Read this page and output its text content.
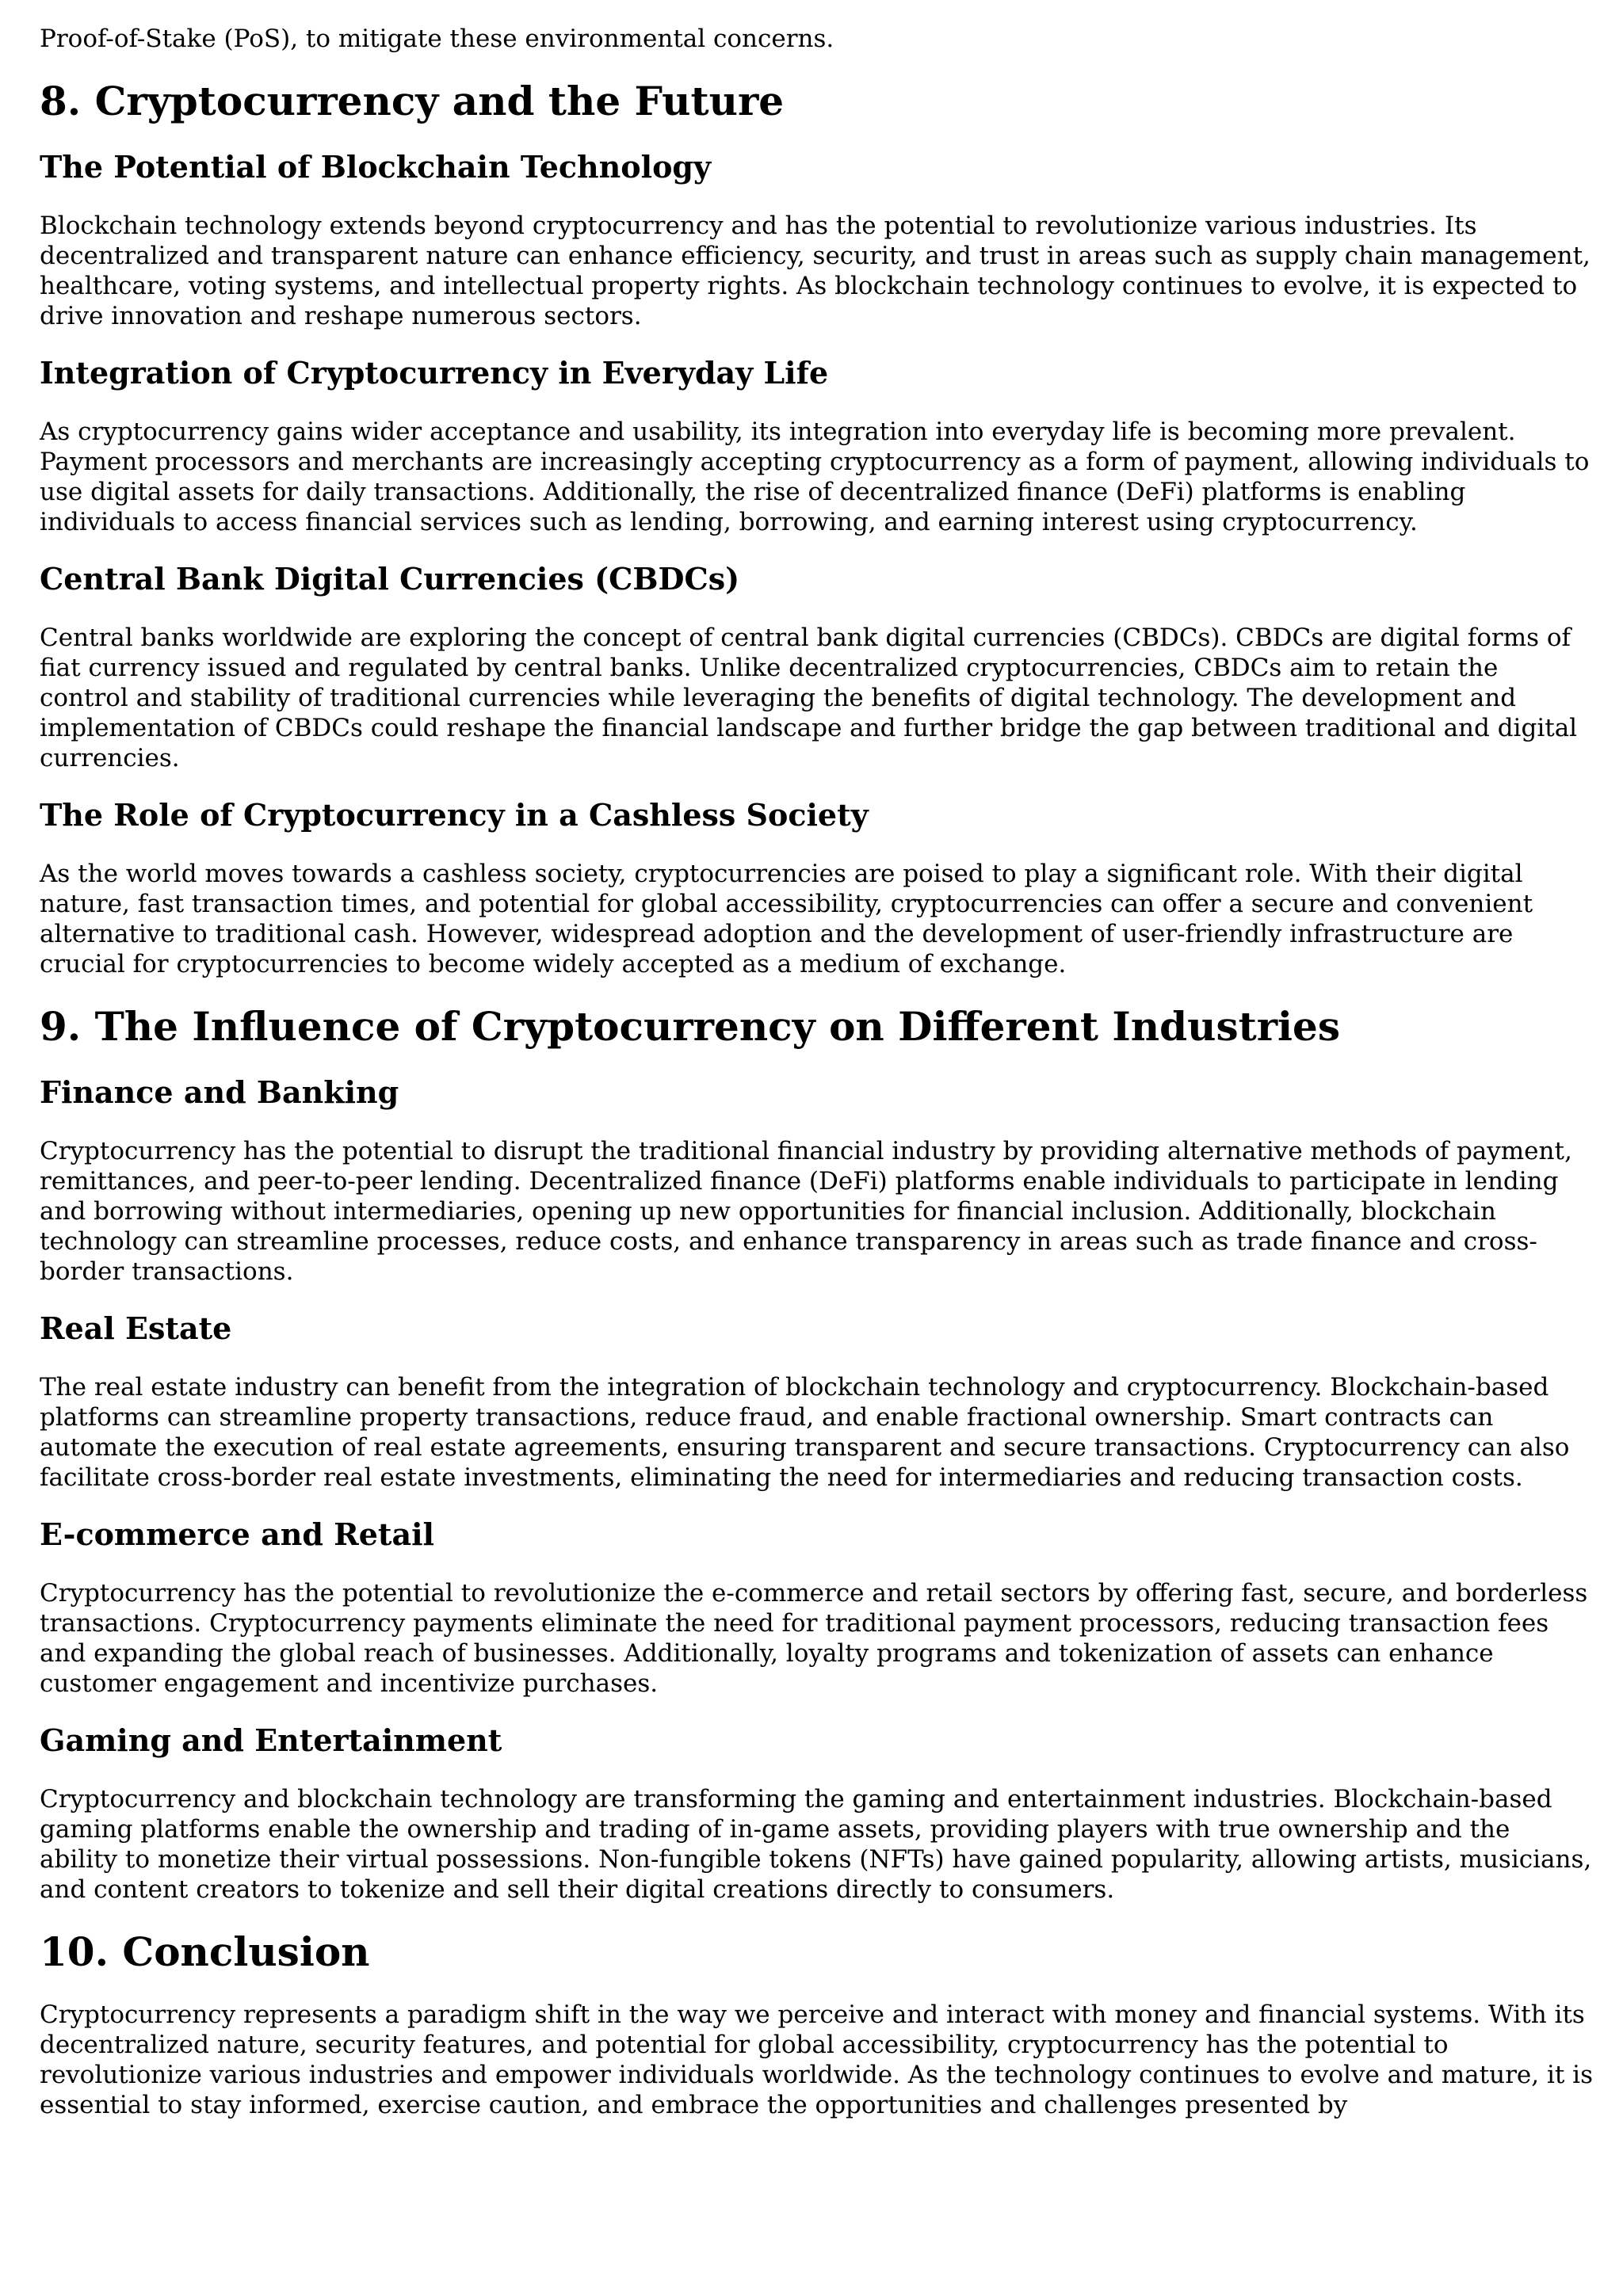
Proof-of-Stake (PoS), to mitigate these environmental concerns.

8. Cryptocurrency and the Future
The Potential of Blockchain Technology

Blockchain technology extends beyond cryptocurrency and has the potential to revolutionize various industries. Its decentralized and transparent nature can enhance efficiency, security, and trust in areas such as supply chain management, healthcare, voting systems, and intellectual property rights. As blockchain technology continues to evolve, it is expected to drive innovation and reshape numerous sectors.

Integration of Cryptocurrency in Everyday Life

As cryptocurrency gains wider acceptance and usability, its integration into everyday life is becoming more prevalent. Payment processors and merchants are increasingly accepting cryptocurrency as a form of payment, allowing individuals to use digital assets for daily transactions. Additionally, the rise of decentralized finance (DeFi) platforms is enabling individuals to access financial services such as lending, borrowing, and earning interest using cryptocurrency.

Central Bank Digital Currencies (CBDCs)

Central banks worldwide are exploring the concept of central bank digital currencies (CBDCs). CBDCs are digital forms of fiat currency issued and regulated by central banks. Unlike decentralized cryptocurrencies, CBDCs aim to retain the control and stability of traditional currencies while leveraging the benefits of digital technology. The development and implementation of CBDCs could reshape the financial landscape and further bridge the gap between traditional and digital currencies.

The Role of Cryptocurrency in a Cashless Society

As the world moves towards a cashless society, cryptocurrencies are poised to play a significant role. With their digital nature, fast transaction times, and potential for global accessibility, cryptocurrencies can offer a secure and convenient alternative to traditional cash. However, widespread adoption and the development of user-friendly infrastructure are crucial for cryptocurrencies to become widely accepted as a medium of exchange.

9. The Influence of Cryptocurrency on Different Industries
Finance and Banking

Cryptocurrency has the potential to disrupt the traditional financial industry by providing alternative methods of payment, remittances, and peer-to-peer lending. Decentralized finance (DeFi) platforms enable individuals to participate in lending and borrowing without intermediaries, opening up new opportunities for financial inclusion. Additionally, blockchain technology can streamline processes, reduce costs, and enhance transparency in areas such as trade finance and cross-border transactions.

Real Estate

The real estate industry can benefit from the integration of blockchain technology and cryptocurrency. Blockchain-based platforms can streamline property transactions, reduce fraud, and enable fractional ownership. Smart contracts can automate the execution of real estate agreements, ensuring transparent and secure transactions. Cryptocurrency can also facilitate cross-border real estate investments, eliminating the need for intermediaries and reducing transaction costs.

E-commerce and Retail

Cryptocurrency has the potential to revolutionize the e-commerce and retail sectors by offering fast, secure, and borderless transactions. Cryptocurrency payments eliminate the need for traditional payment processors, reducing transaction fees and expanding the global reach of businesses. Additionally, loyalty programs and tokenization of assets can enhance customer engagement and incentivize purchases.

Gaming and Entertainment

Cryptocurrency and blockchain technology are transforming the gaming and entertainment industries. Blockchain-based gaming platforms enable the ownership and trading of in-game assets, providing players with true ownership and the ability to monetize their virtual possessions. Non-fungible tokens (NFTs) have gained popularity, allowing artists, musicians, and content creators to tokenize and sell their digital creations directly to consumers.

10. Conclusion

Cryptocurrency represents a paradigm shift in the way we perceive and interact with money and financial systems. With its decentralized nature, security features, and potential for global accessibility, cryptocurrency has the potential to revolutionize various industries and empower individuals worldwide. As the technology continues to evolve and mature, it is essential to stay informed, exercise caution, and embrace the opportunities and challenges presented by
